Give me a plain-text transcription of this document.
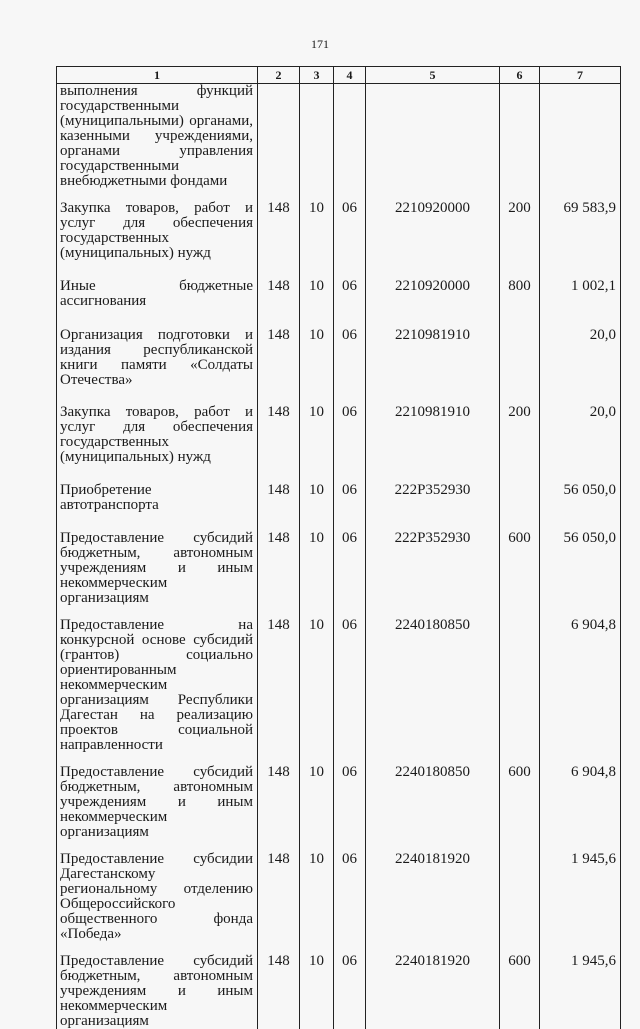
171
1	2	3	4	5	6	7
выполнения функций государственными (муниципальными) органами, казенными учреждениями, органами управления государственными внебюджетными фондами						
Закупка товаров, работ и услуг для обеспечения государственных (муниципальных) нужд	148	10	06	2210920000	200	69 583,9
Иные бюджетные ассигнования	148	10	06	2210920000	800	1 002,1
Организация подготовки и издания республиканской книги памяти «Солдаты Отечества»	148	10	06	2210981910		20,0
Закупка товаров, работ и услуг для обеспечения государственных (муниципальных) нужд	148	10	06	2210981910	200	20,0
Приобретение автотранспорта	148	10	06	222P352930		56 050,0
Предоставление субсидий бюджетным, автономным учреждениям и иным некоммерческим организациям	148	10	06	222P352930	600	56 050,0
Предоставление на конкурсной основе субсидий (грантов) социально ориентированным некоммерческим организациям Республики Дагестан на реализацию проектов социальной направленности	148	10	06	2240180850		6 904,8
Предоставление субсидий бюджетным, автономным учреждениям и иным некоммерческим организациям	148	10	06	2240180850	600	6 904,8
Предоставление субсидии Дагестанскому региональному отделению Общероссийского общественного фонда «Победа»	148	10	06	2240181920		1 945,6
Предоставление субсидий бюджетным, автономным учреждениям и иным некоммерческим организациям	148	10	06	2240181920	600	1 945,6
